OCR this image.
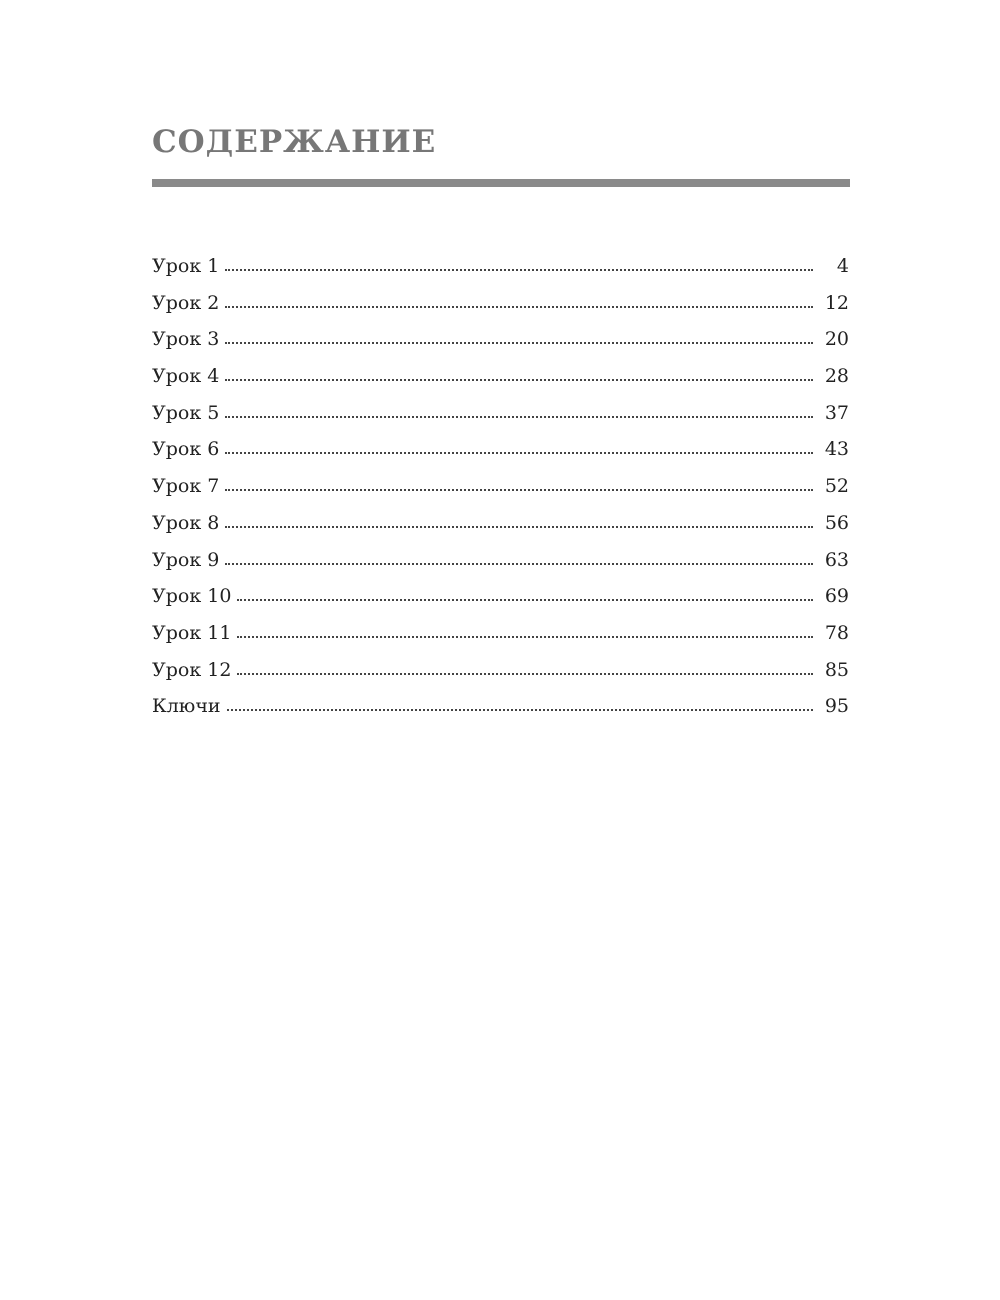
СОДЕРЖАНИЕ
Урок 1	4
Урок 2	12
Урок 3	20
Урок 4	28
Урок 5	37
Урок 6	43
Урок 7	52
Урок 8	56
Урок 9	63
Урок 10	69
Урок 11	78
Урок 12	85
Ключи	95
